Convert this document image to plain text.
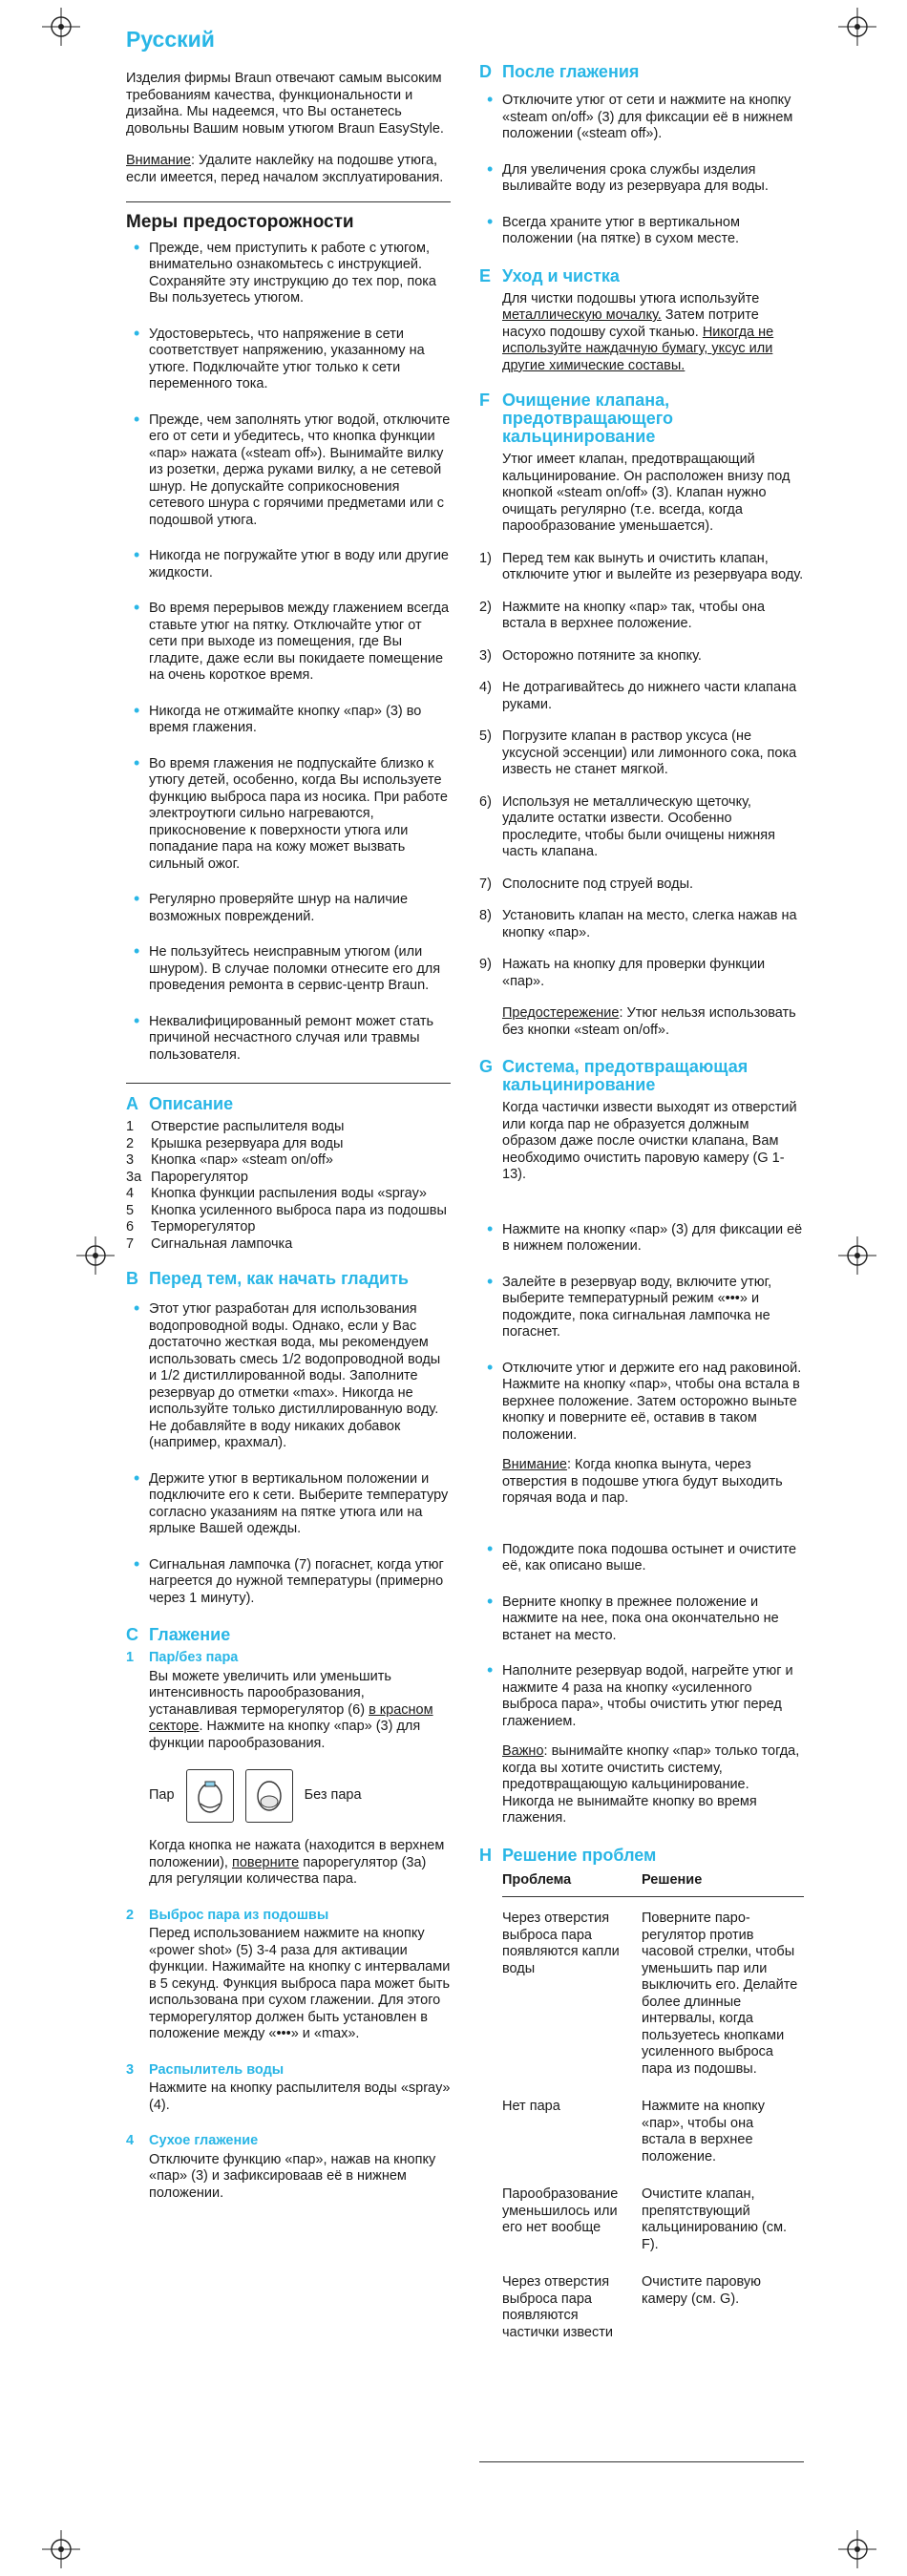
Русский

Изделия фирмы Braun отвечают самым высоким требованиям качества, функциональности и дизайна. Мы надеемся, что Вы останетесь довольны Вашим новым утюгом Braun EasyStyle.

Внимание: Удалите наклейку на подошве утюга, если имеется, перед началом эксплуатирования.

Меры предосторожности
• Прежде, чем приступить к работе с утюгом, внимательно ознакомьтесь с инструкцией. Сохраняйте эту инструкцию до тех пор, пока Вы пользуетесь утюгом.
• Удостоверьтесь, что напряжение в сети соответствует напряжению, указанному на утюге. Подключайте утюг только к сети переменного тока.
• Прежде, чем заполнять утюг водой, отключите его от сети и убедитесь, что кнопка функции «пар» нажата («steam off»). Вынимайте вилку из розетки, держа руками вилку, а не сетевой шнур. Не допускайте соприкосновения сетевого шнура с горячими предметами или с подошвой утюга.
• Никогда не погружайте утюг в воду или другие жидкости.
• Во время перерывов между глажением всегда ставьте утюг на пятку. Отключайте утюг от сети при выходе из помещения, где Вы гладите, даже если вы покидаете помещение на очень короткое время.
• Никогда не отжимайте кнопку «пар» (3) во время глажения.
• Во время глажения не подпускайте близко к утюгу детей, особенно, когда Вы используете функцию выброса пара из носика. При работе электроутюги сильно нагреваются, прикосновение к поверхности утюга или попадание пара на кожу может вызвать сильный ожог.
• Регулярно проверяйте шнур на наличие возможных повреждений.
• Не пользуйтесь неисправным утюгом (или шнуром). В случае поломки отнесите его для проведения ремонта в сервис-центр Braun.
• Неквалифицированный ремонт может стать причиной несчастного случая или травмы пользователя.
A Описание
1	Отверстие распылителя воды
2	Крышка резервуара для воды
3	Кнопка «пар» «steam on/off»
3a Парорегулятор
4	Кнопка функции распыления воды «spray»
5	Кнопка усиленного выброса пара из подошвы
6	Терморегулятор
7	Сигнальная лампочка
B Перед тем, как начать гладить
• Этот утюг разработан для использования водопроводной воды. Однако, если у Вас достаточно жесткая вода, мы рекомендуем использовать смесь 1/2 водопроводной воды и 1/2 дистиллированной воды. Заполните резервуар до отметки «max». Никогда не используйте только дистиллированную воду. Не добавляйте в воду никаких добавок (например, крахмал).
• Держите утюг в вертикальном положении и подключите его к сети. Выберите температуру согласно указаниям на пятке утюга или на ярлыке Вашей одежды.
• Сигнальная лампочка (7) погаснет, когда утюг нагреется до нужной температуры (примерно через 1 минуту).
C Глажение
1	Пар/без пара
Вы можете увеличить или уменьшить интенсивность парообразования, устанавливая терморегулятор (6) в красном секторе. Нажмите на кнопку «пар» (3) для функции парообразования.
Пар	Без пара
Когда кнопка не нажата (находится в верхнем положении), поверните парорегулятор (3а) для регуляции количества пара.
2	Выброс пара из подошвы
Перед использованием нажмите на кнопку «power shot» (5) 3-4 раза для активации функции. Нажимайте на кнопку с интервалами в 5 секунд. Функция выброса пара может быть использована при сухом глажении. Для этого терморегулятор должен быть установлен в положение между «•••» и «max».
3	Распылитель воды
Нажмите на кнопку распылителя воды «spray» (4).
4	Сухое глажение
Отключите функцию «пар», нажав на кнопку «пар» (3) и зафиксироваав её в нижнем положении.
D После глажения
• Отключите утюг от сети и нажмите на кнопку «steam on/off» (3) для фиксации её в нижнем положении («steam off»).
• Для увеличения срока службы изделия выливайте воду из резервуара для воды.
• Всегда храните утюг в вертикальном положении (на пятке) в сухом месте.
E Уход и чистка

Для чистки подошвы утюга используйте металлическую мочалку. Затем потрите насухо подошву сухой тканью. Никогда не используйте наждачную бумагу, уксус или другие химические составы.

F Очищение клапана, предотвращающего кальцинирование

Утюг имеет клапан, предотвращающий кальцинирование. Он расположен внизу под кнопкой «steam on/off» (3). Клапан нужно очищать регулярно (т.е. всегда, когда парообразование уменьшается).

1) Перед тем как вынуть и очистить клапан, отключите утюг и вылейте из резервуара воду.
2) Нажмите на кнопку «пар» так, чтобы она встала в верхнее положение.
3) Осторожно потяните за кнопку.
4) Не дотрагивайтесь до нижнего части клапана руками.
5) Погрузите клапан в раствор уксуса (не уксусной эссенции) или лимонного сока, пока известь не станет мягкой.
6) Используя не металлическую щеточку, удалите остатки извести. Особенно проследите, чтобы были очищены нижняя часть клапана.
7) Сполосните под струей воды.
8) Установить клапан на место, слегка нажав на кнопку «пар».
9) Нажать на кнопку для проверки функции «пар».

Предостережение: Утюг нельзя использовать без кнопки «steam on/off».

G Система, предотвращающая кальцинирование

Когда частички извести выходят из отверстий или когда пар не образуется должным образом даже после очистки клапана, Вам необходимо очистить паровую камеру (G 1-13).

• Нажмите на кнопку «пар» (3) для фиксации её в нижнем положении.
• Залейте в резервуар воду, включите утюг, выберите температурный режим «•••» и подождите, пока сигнальная лампочка не погаснет.
• Отключите утюг и держите его над раковиной. Нажмите на кнопку «пар», чтобы она встала в верхнее положение. Затем осторожно выньте кнопку и поверните её, оставив в таком положении.

Внимание: Когда кнопка вынута, через отверстия в подошве утюга будут выходить горячая вода и пар.

• Подождите пока подошва остынет и очистите её, как описано выше.
• Верните кнопку в прежнее положение и нажмите на нее, пока она окончательно не встанет на место.
• Наполните резервуар водой, нагрейте утюг и нажмите 4 раза на кнопку «усиленного выброса пара», чтобы очистить утюг перед глажением.

Важно: вынимайте кнопку «пар» только тогда, когда вы хотите очистить систему, предотвращающую кальцинирование. Никогда не вынимайте кнопку во время глажения.

H Решение проблем
Проблема	Решение
Через отверстия выброса пара появляются капли воды	Поверните паро-регулятор против часовой стрелки, чтобы уменьшить пар или выключить его. Делайте более длинные интервалы, когда пользуетесь кнопками усиленного выброса пара из подошвы.
Нет пара	Нажмите на кнопку «пар», чтобы она встала в верхнее положение.
Парообразование уменьшилось или его нет вообще	Очистите клапан, препятствующий кальцинированию (см. F).
Через отверстия выброса пара появляются частички извести	Очистите паровую камеру (см. G).
